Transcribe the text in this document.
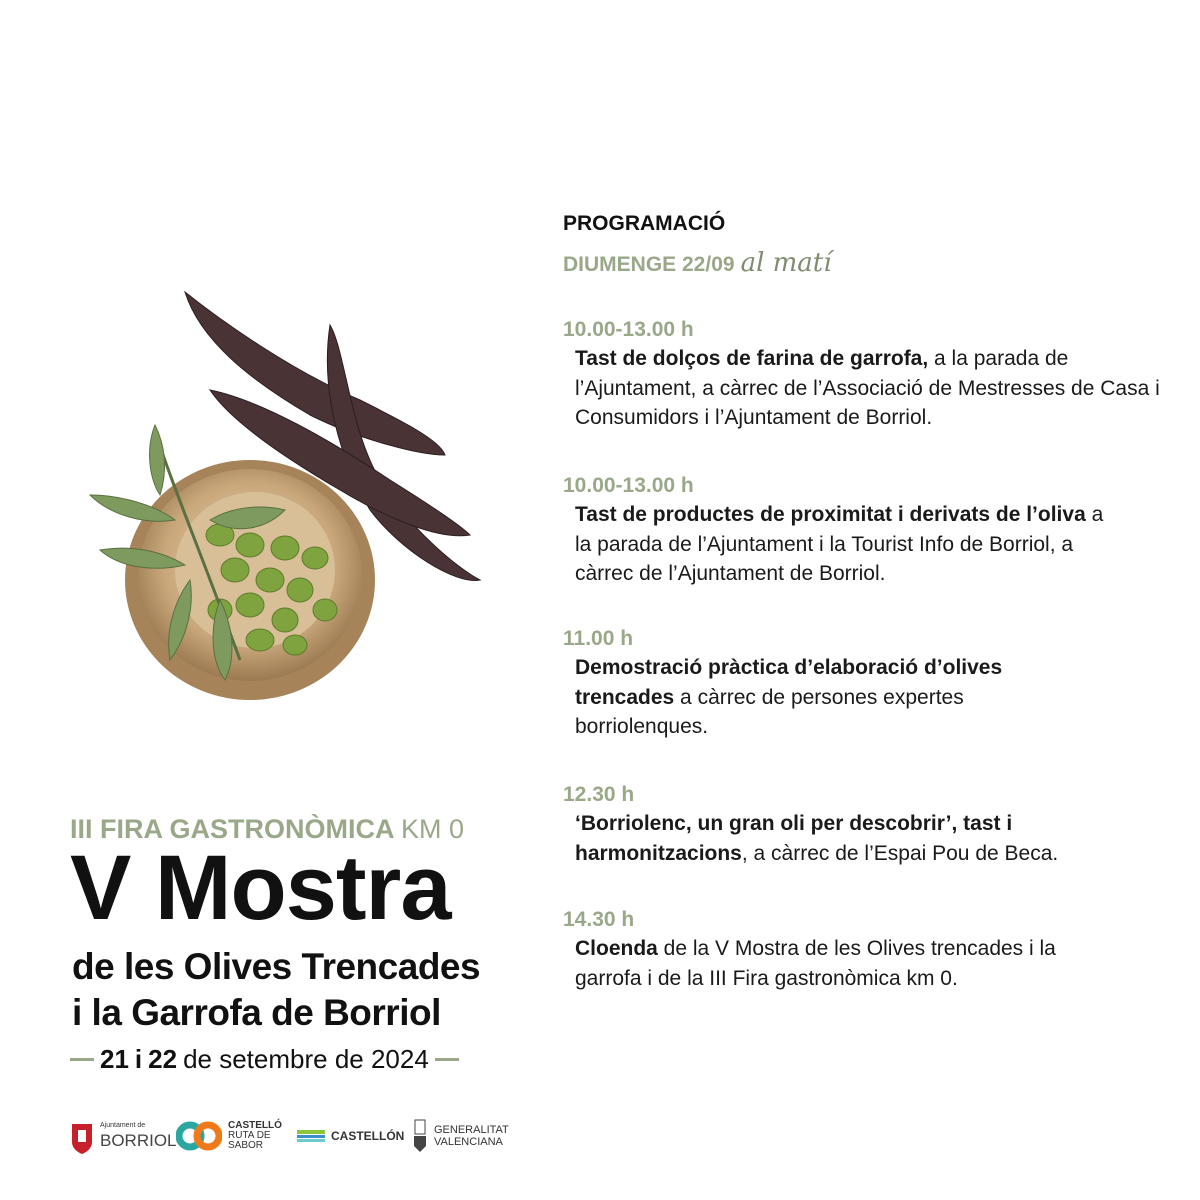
PROGRAMACIÓ
DIUMENGE 22/09 al matí
10.00-13.00 h
Tast de dolços de farina de garrofa, a la parada de l’Ajuntament, a càrrec de l’Associació de Mestresses de Casa i Consumidors i l’Ajuntament de Borriol.
10.00-13.00 h
Tast de productes de proximitat i derivats de l’oliva a la parada de l’Ajuntament i la Tourist Info de Borriol, a càrrec de l’Ajuntament de Borriol.
11.00 h
Demostració pràctica d’elaboració d’olives trencades a càrrec de persones expertes borriolenques.
12.30 h
‘Borriolenc, un gran oli per descobrir’, tast i harmonitzacions, a càrrec de l’Espai Pou de Beca.
14.30 h
Cloenda de la V Mostra de les Olives trencades i la garrofa i de la III Fira gastronòmica km 0.
III FIRA GASTRONÒMICA KM 0
V Mostra
de les Olives Trencades
i la Garrofa de Borriol
21 i 22 de setembre de 2024
Ajuntament de
BORRIOL
CASTELLÓ
RUTA DE
SABOR
CASTELLÓN	GENERALITAT
VALENCIANA
